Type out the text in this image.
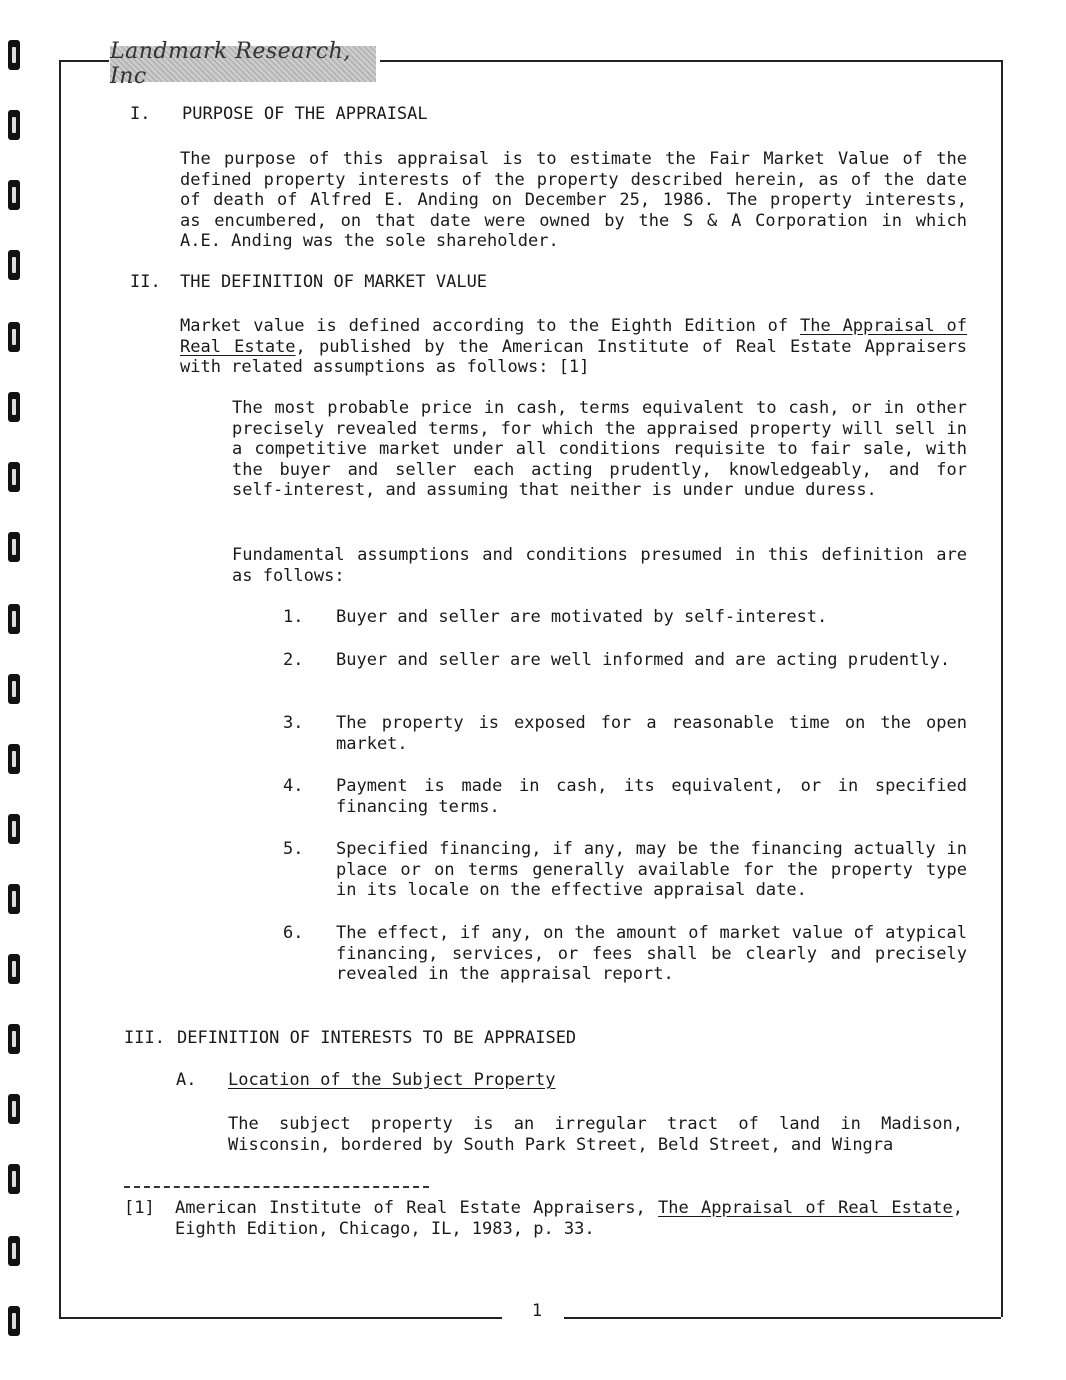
Landmark Research, Inc
I. PURPOSE OF THE APPRAISAL
The purpose of this appraisal is to estimate the Fair Market Value of the defined property interests of the property described herein, as of the date of death of Alfred E. Anding on December 25, 1986. The property interests, as encumbered, on that date were owned by the S & A Corporation in which A.E. Anding was the sole shareholder.
II. THE DEFINITION OF MARKET VALUE
Market value is defined according to the Eighth Edition of The Appraisal of Real Estate, published by the American Institute of Real Estate Appraisers with related assumptions as follows: [1]
The most probable price in cash, terms equivalent to cash, or in other precisely revealed terms, for which the appraised property will sell in a competitive market under all conditions requisite to fair sale, with the buyer and seller each acting prudently, knowledgeably, and for self-interest, and assuming that neither is under undue duress.
Fundamental assumptions and conditions presumed in this definition are as follows:
1. Buyer and seller are motivated by self-interest.
2. Buyer and seller are well informed and are acting prudently.
3. The property is exposed for a reasonable time on the open market.
4. Payment is made in cash, its equivalent, or in specified financing terms.
5. Specified financing, if any, may be the financing actually in place or on terms generally available for the property type in its locale on the effective appraisal date.
6. The effect, if any, on the amount of market value of atypical financing, services, or fees shall be clearly and precisely revealed in the appraisal report.
III. DEFINITION OF INTERESTS TO BE APPRAISED
A. Location of the Subject Property
The subject property is an irregular tract of land in Madison, Wisconsin, bordered by South Park Street, Beld Street, and Wingra
[1] American Institute of Real Estate Appraisers, The Appraisal of Real Estate, Eighth Edition, Chicago, IL, 1983, p. 33.
1
